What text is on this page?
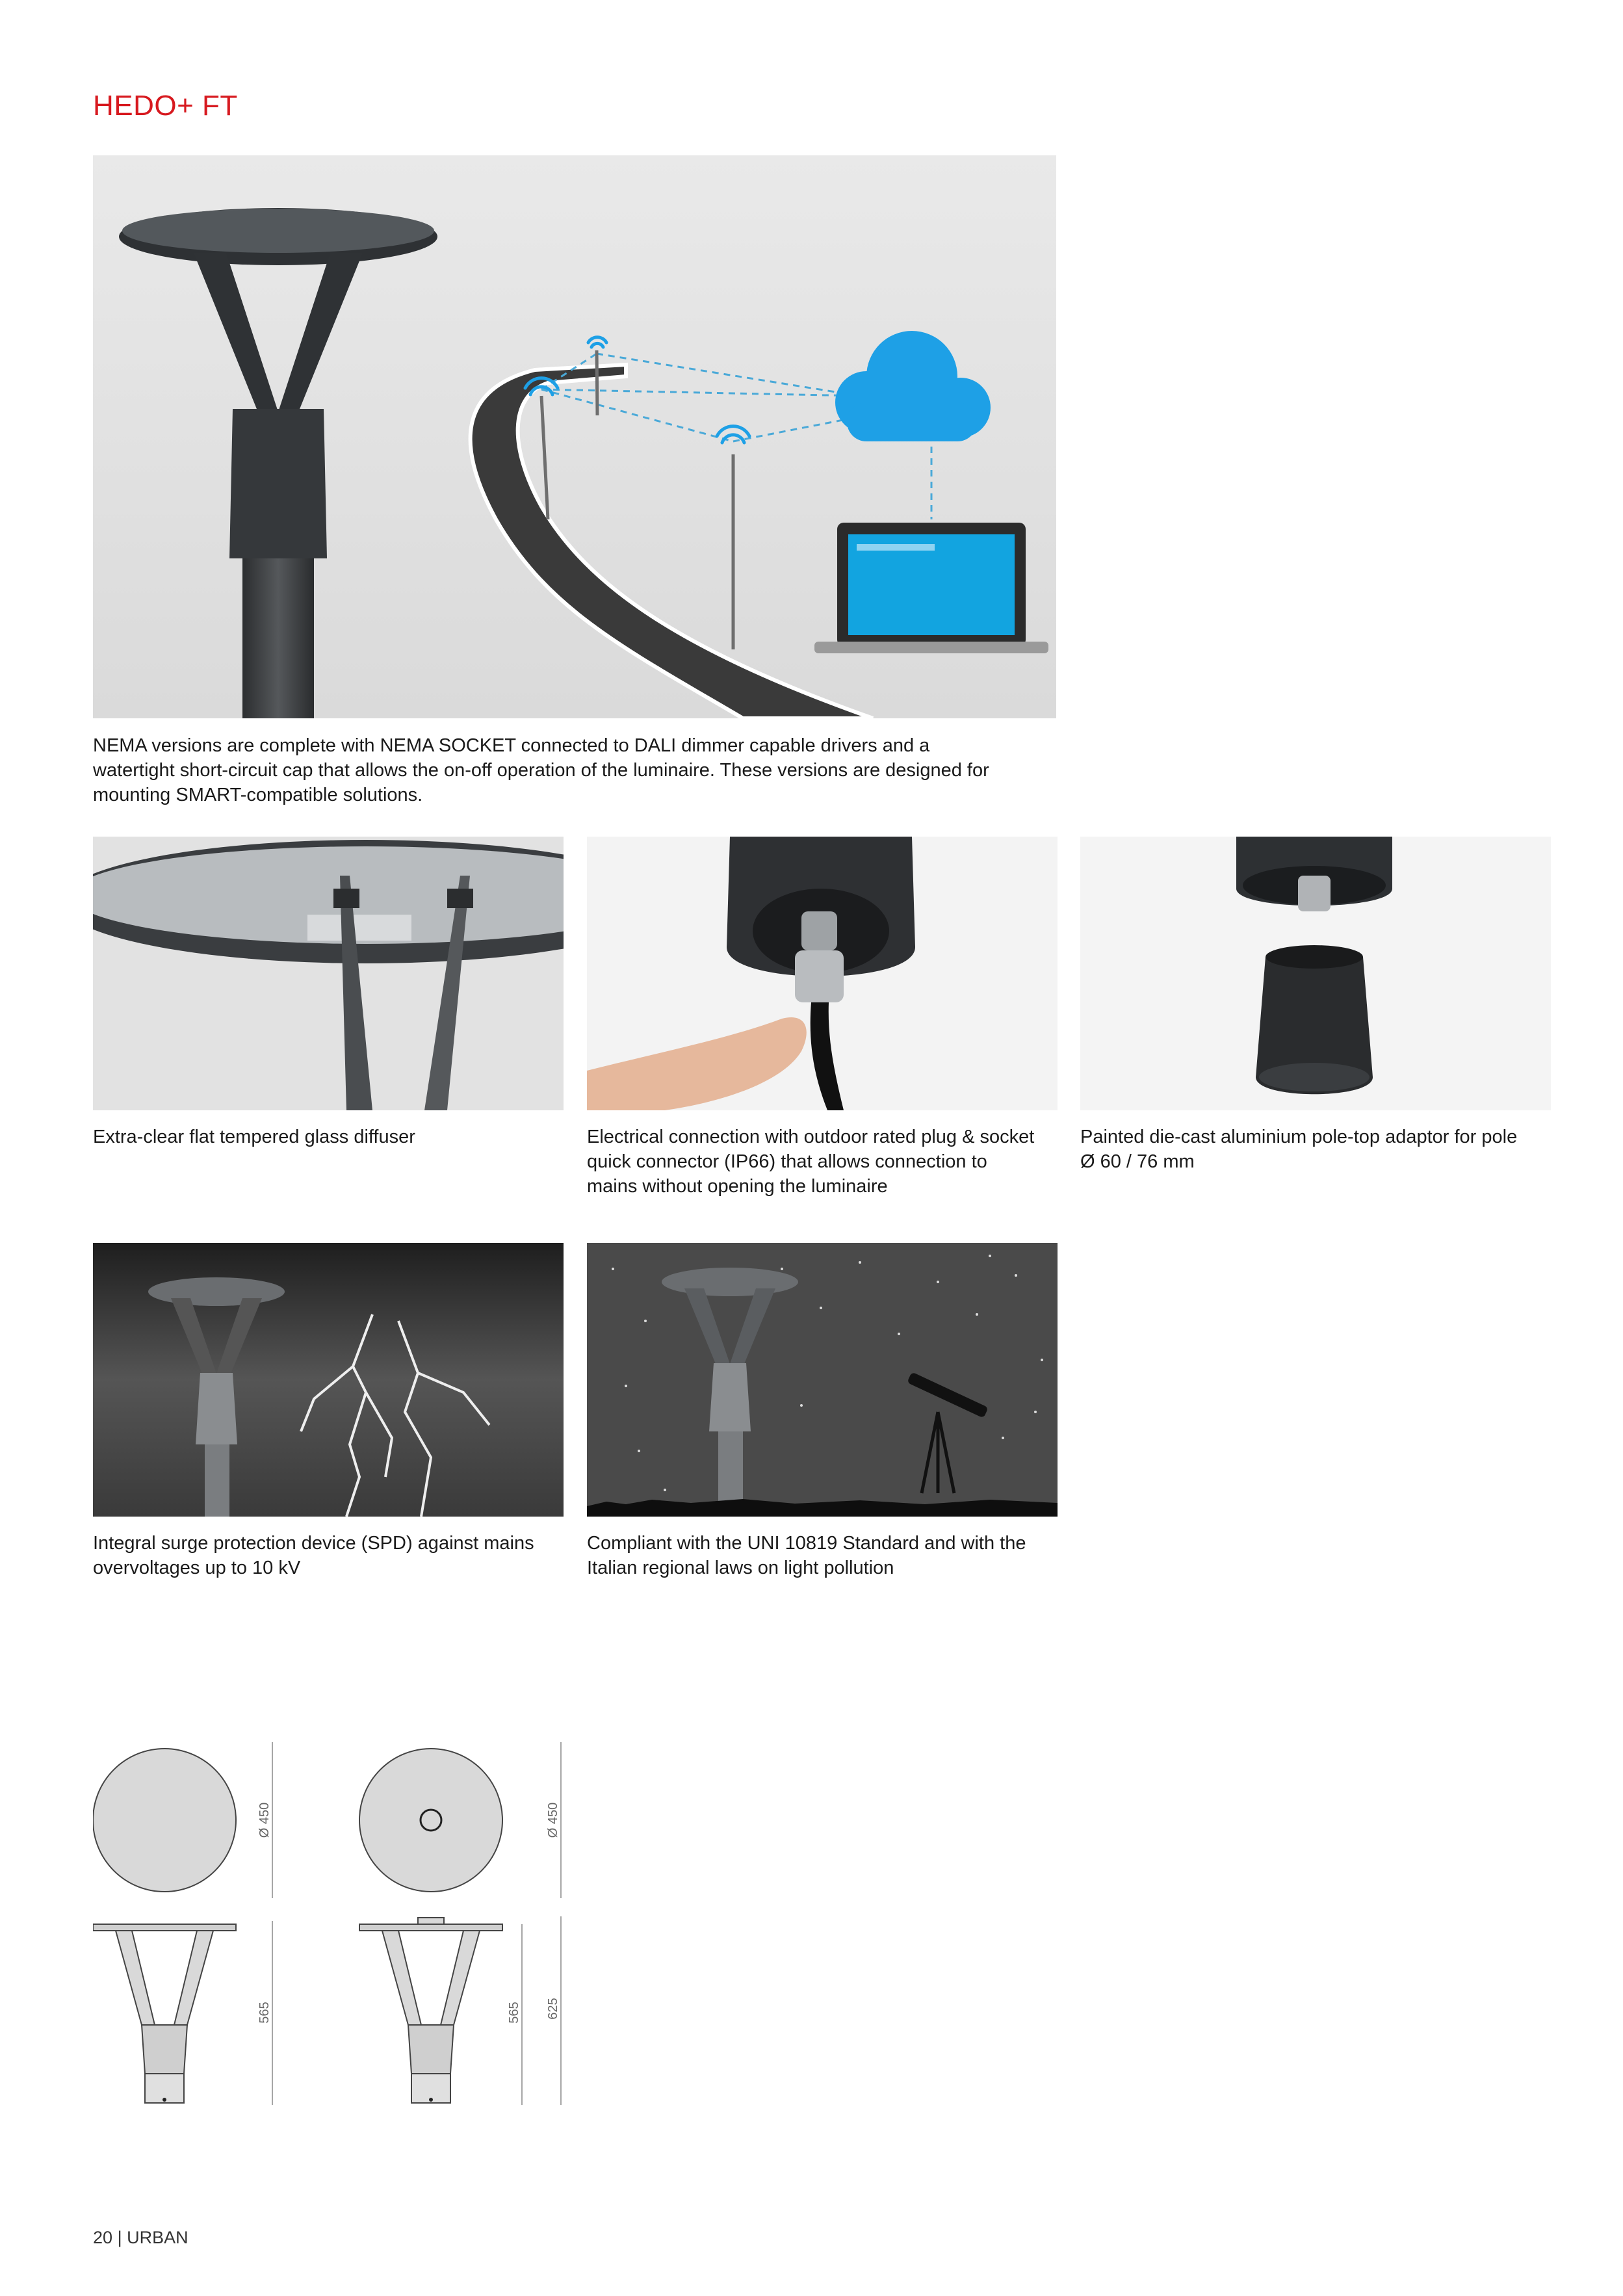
HEDO+ FT
NEMA versions are complete with NEMA SOCKET connected to DALI dimmer capable drivers and a watertight short-circuit cap that allows the on-off operation of the luminaire. These versions are designed for mounting SMART-compatible solutions.
Extra-clear flat tempered glass diffuser	Electrical connection with outdoor rated plug & socket quick connector (IP66) that allows connection to mains without opening the luminaire
Painted die-cast aluminium pole-top adaptor for pole Ø 60 / 76 mm
Integral surge protection device (SPD) against mains overvoltages up to 10 kV
Compliant with the UNI 10819 Standard and with the Italian regional laws on light pollution
Ø 450	Ø 450
565	565 625
20 | URBAN
